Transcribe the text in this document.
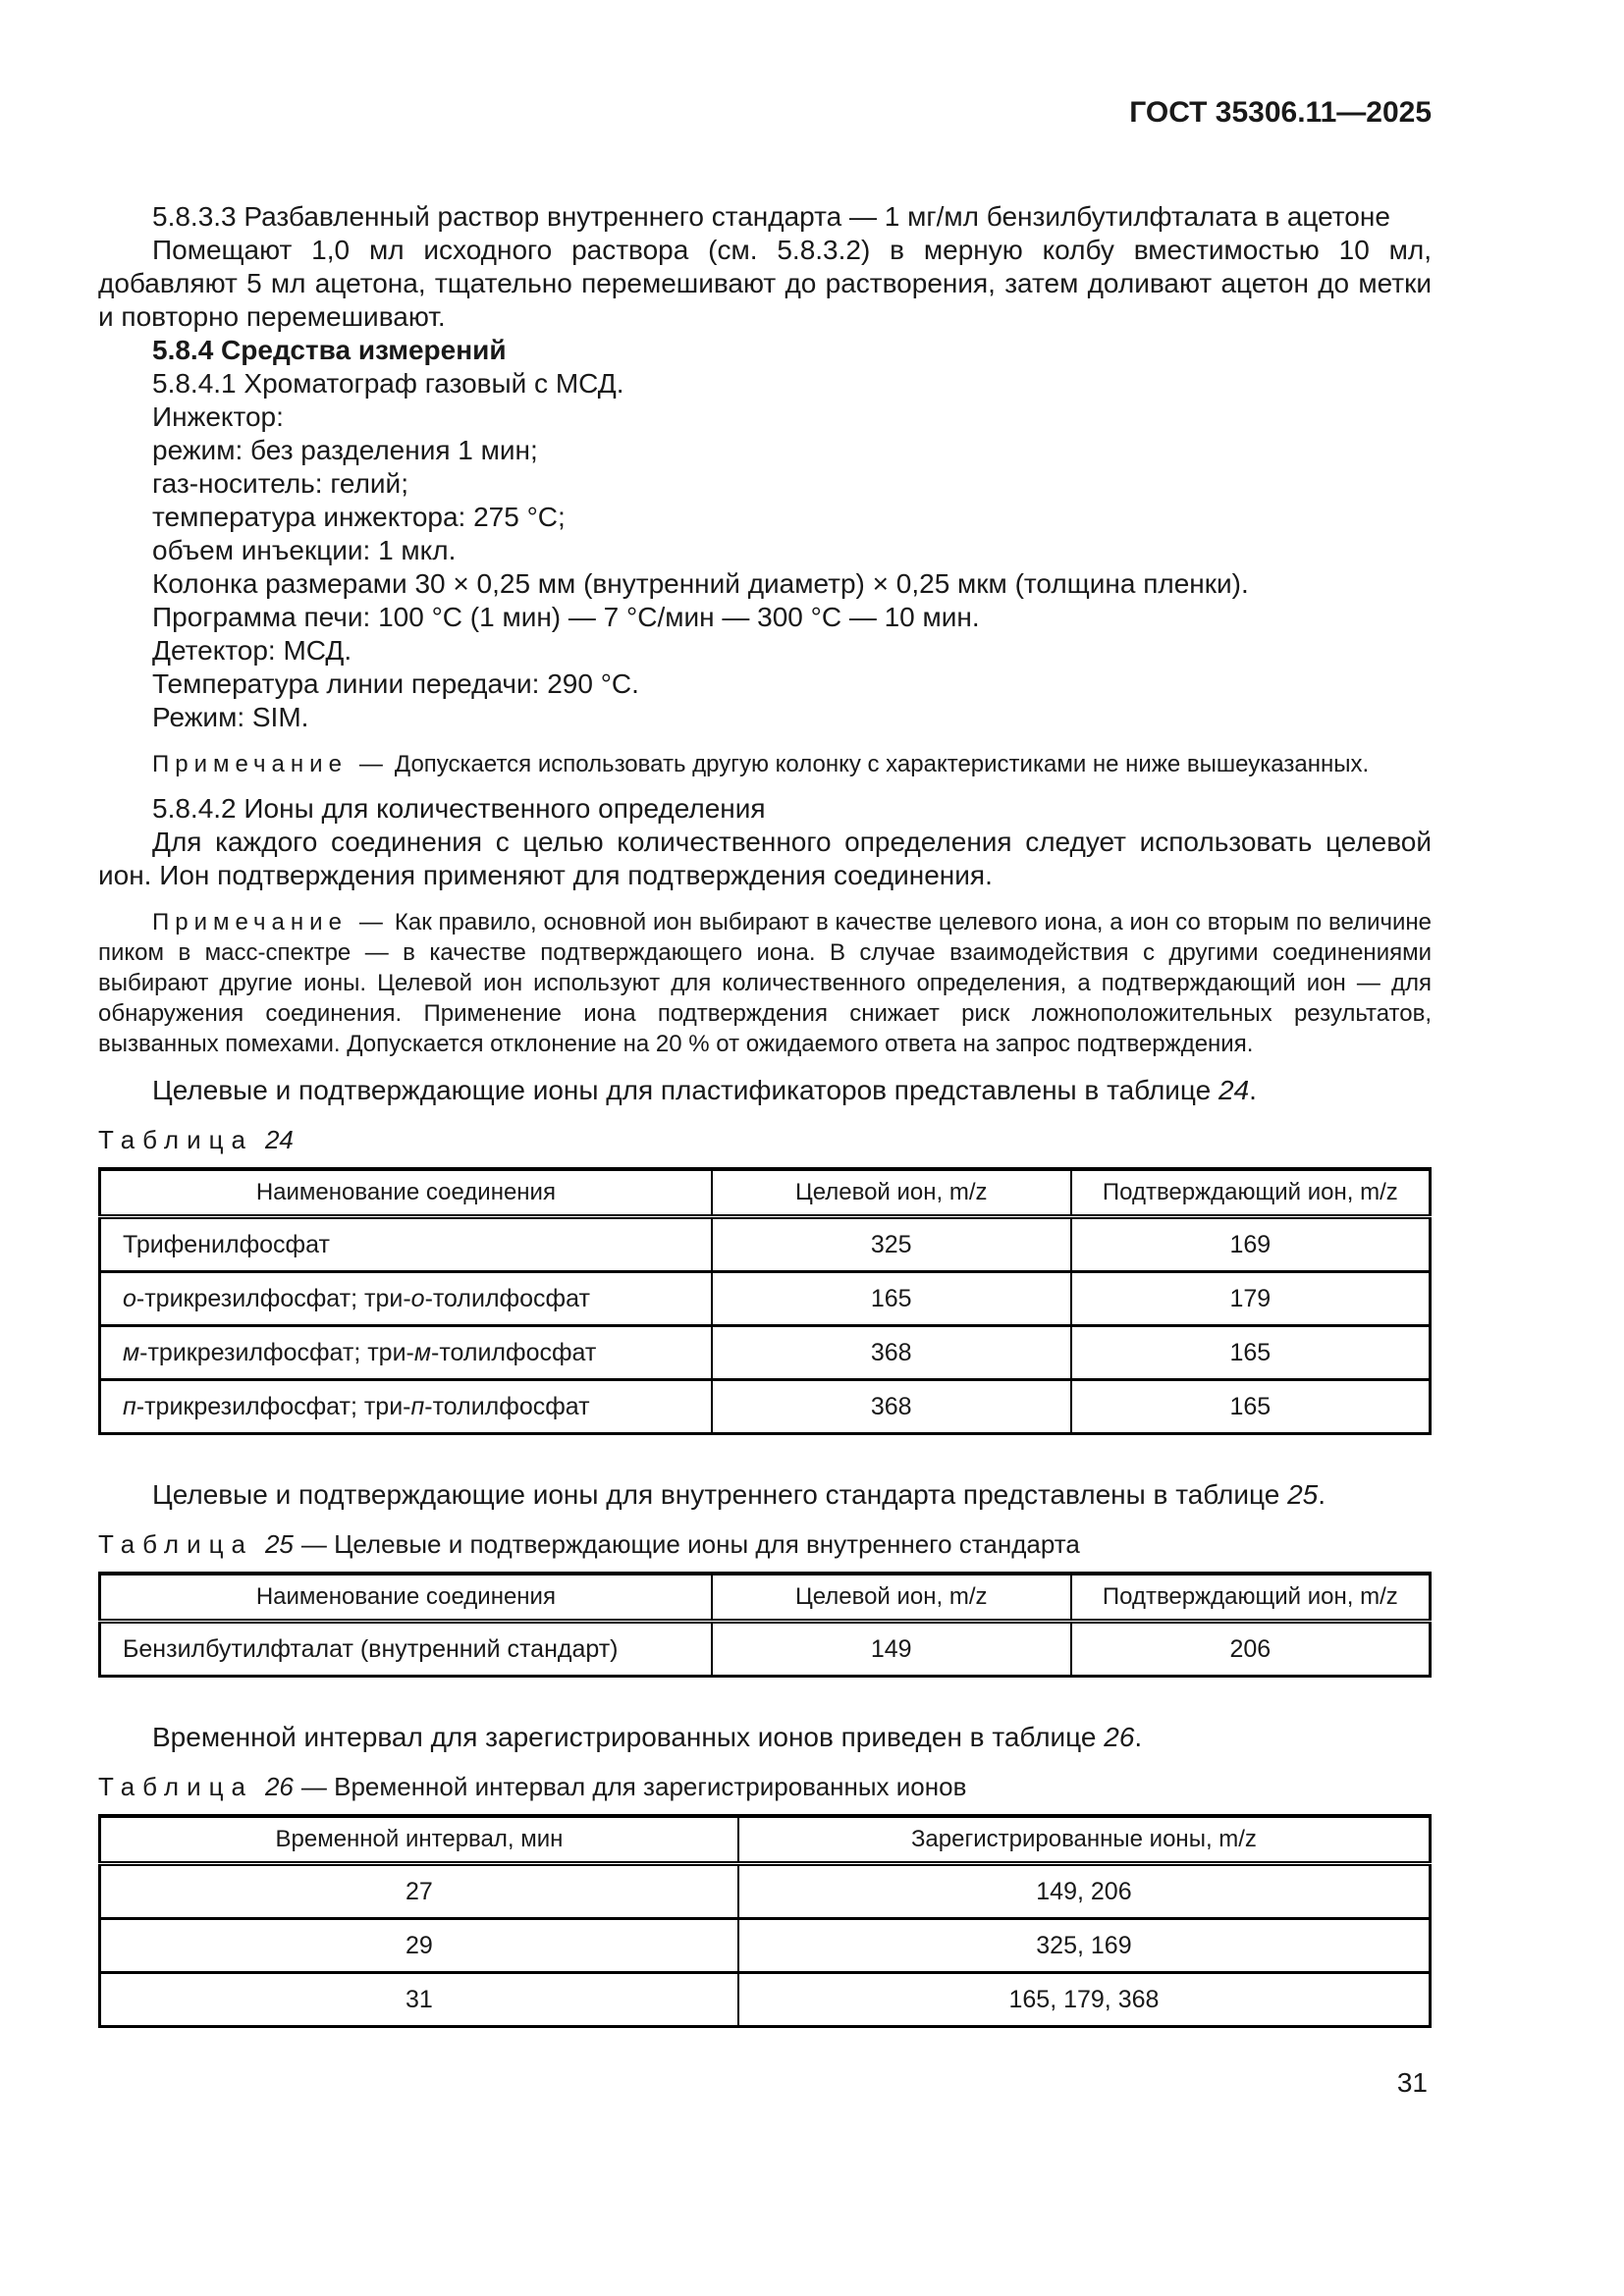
ГОСТ 35306.11—2025

5.8.3.3 Разбавленный раствор внутреннего стандарта — 1 мг/мл бензилбутилфталата в ацетоне

Помещают 1,0 мл исходного раствора (см. 5.8.3.2) в мерную колбу вместимостью 10 мл, добавляют 5 мл ацетона, тщательно перемешивают до растворения, затем доливают ацетон до метки и повторно перемешивают.

5.8.4 Средства измерений

5.8.4.1 Хроматограф газовый с МСД.

Инжектор:

режим: без разделения 1 мин;

газ-носитель: гелий;

температура инжектора: 275 °С;

объем инъекции: 1 мкл.

Колонка размерами 30 × 0,25 мм (внутренний диаметр) × 0,25 мкм (толщина пленки).

Программа печи: 100 °С (1 мин) — 7 °С/мин — 300 °С — 10 мин.

Детектор: МСД.

Температура линии передачи: 290 °С.

Режим: SIM.

Примечание — Допускается использовать другую колонку с характеристиками не ниже вышеуказанных.

5.8.4.2 Ионы для количественного определения

Для каждого соединения с целью количественного определения следует использовать целевой ион. Ион подтверждения применяют для подтверждения соединения.

Примечание — Как правило, основной ион выбирают в качестве целевого иона, а ион со вторым по величине пиком в масс-спектре — в качестве подтверждающего иона. В случае взаимодействия с другими соединениями выбирают другие ионы. Целевой ион используют для количественного определения, а подтверждающий ион — для обнаружения соединения. Применение иона подтверждения снижает риск ложноположительных результатов, вызванных помехами. Допускается отклонение на 20 % от ожидаемого ответа на запрос подтверждения.

Целевые и подтверждающие ионы для пластификаторов представлены в таблице 24.

Таблица 24
Наименование соединения	Целевой ион, m/z	Подтверждающий ион, m/z
Трифенилфосфат	325	169
о-трикрезилфосфат; три-о-толилфосфат	165	179
м-трикрезилфосфат; три-м-толилфосфат	368	165
п-трикрезилфосфат; три-п-толилфосфат	368	165

Целевые и подтверждающие ионы для внутреннего стандарта представлены в таблице 25.

Таблица 25 — Целевые и подтверждающие ионы для внутреннего стандарта
Наименование соединения	Целевой ион, m/z	Подтверждающий ион, m/z
Бензилбутилфталат (внутренний стандарт)	149	206

Временной интервал для зарегистрированных ионов приведен в таблице 26.

Таблица 26 — Временной интервал для зарегистрированных ионов
Временной интервал, мин	Зарегистрированные ионы, m/z
27	149, 206
29	325, 169
31	165, 179, 368
31
